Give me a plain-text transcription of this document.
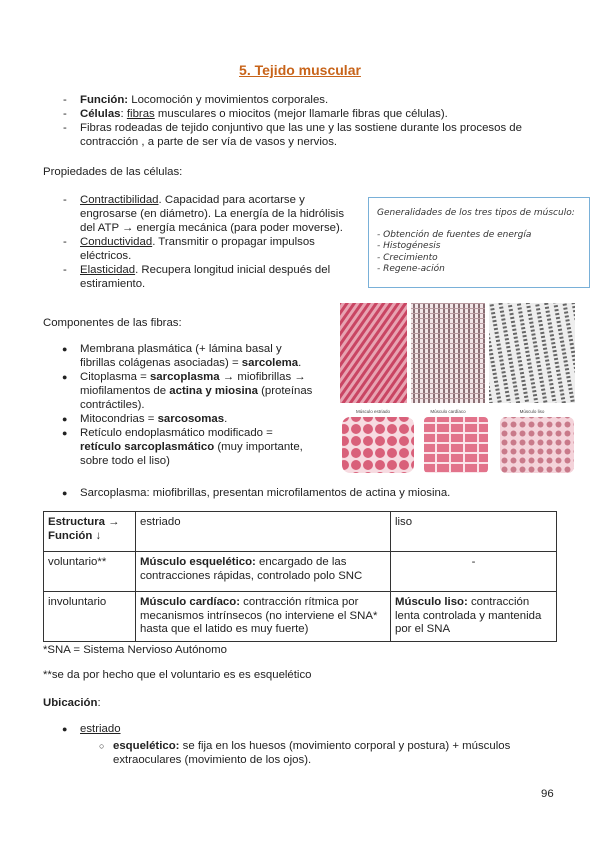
5. Tejido muscular
- Función: Locomoción y movimientos corporales.
- Células: fibras musculares o miocitos (mejor llamarle fibras que células).
- Fibras rodeadas de tejido conjuntivo que las une y las sostiene durante los procesos de
contracción , a parte de ser vía de vasos y nervios.
Propiedades de las células:
- Contractibilidad. Capacidad para acortarse y
engrosarse (en diámetro). La energía de la hidrólisis
del ATP → energía mecánica (para poder moverse).
- Conductividad. Transmitir o propagar impulsos
eléctricos.
- Elasticidad. Recupera longitud inicial después del
estiramiento.
Generalidades de los tres tipos de músculo:
- Obtención de fuentes de energía
- Histogénesis
- Crecimiento
- Regene-ación
Componentes de las fibras:
● Membrana plasmática (+ lámina basal y
fibrillas colágenas asociadas) = sarcolema.
● Citoplasma = sarcoplasma → miofibrillas →
miofilamentos de actina y miosina (proteínas
contráctiles).
● Mitocondrias = sarcosomas.
● Retículo endoplasmático modificado =
retículo sarcoplasmático (muy importante,
sobre todo el liso)
● Sarcoplasma: miofibrillas, presentan microfilamentos de actina y miosina.
Músculo estriado	Músculo cardíaco	Músculo liso
Estructura →
Función ↓	estriado	liso
voluntario**	Músculo esquelético: encargado de las contracciones rápidas, controlado polo SNC	-
involuntario	Músculo cardíaco: contracción rítmica por mecanismos intrínsecos (no interviene el SNA* hasta que el latido es muy fuerte)	Músculo liso: contracción lenta controlada y mantenida por el SNA
*SNA = Sistema Nervioso Autónomo
**se da por hecho que el voluntario es es esquelético
Ubicación:
● estriado
○ esquelético: se fija en los huesos (movimiento corporal y postura) + músculos
extraoculares (movimiento de los ojos).
96
